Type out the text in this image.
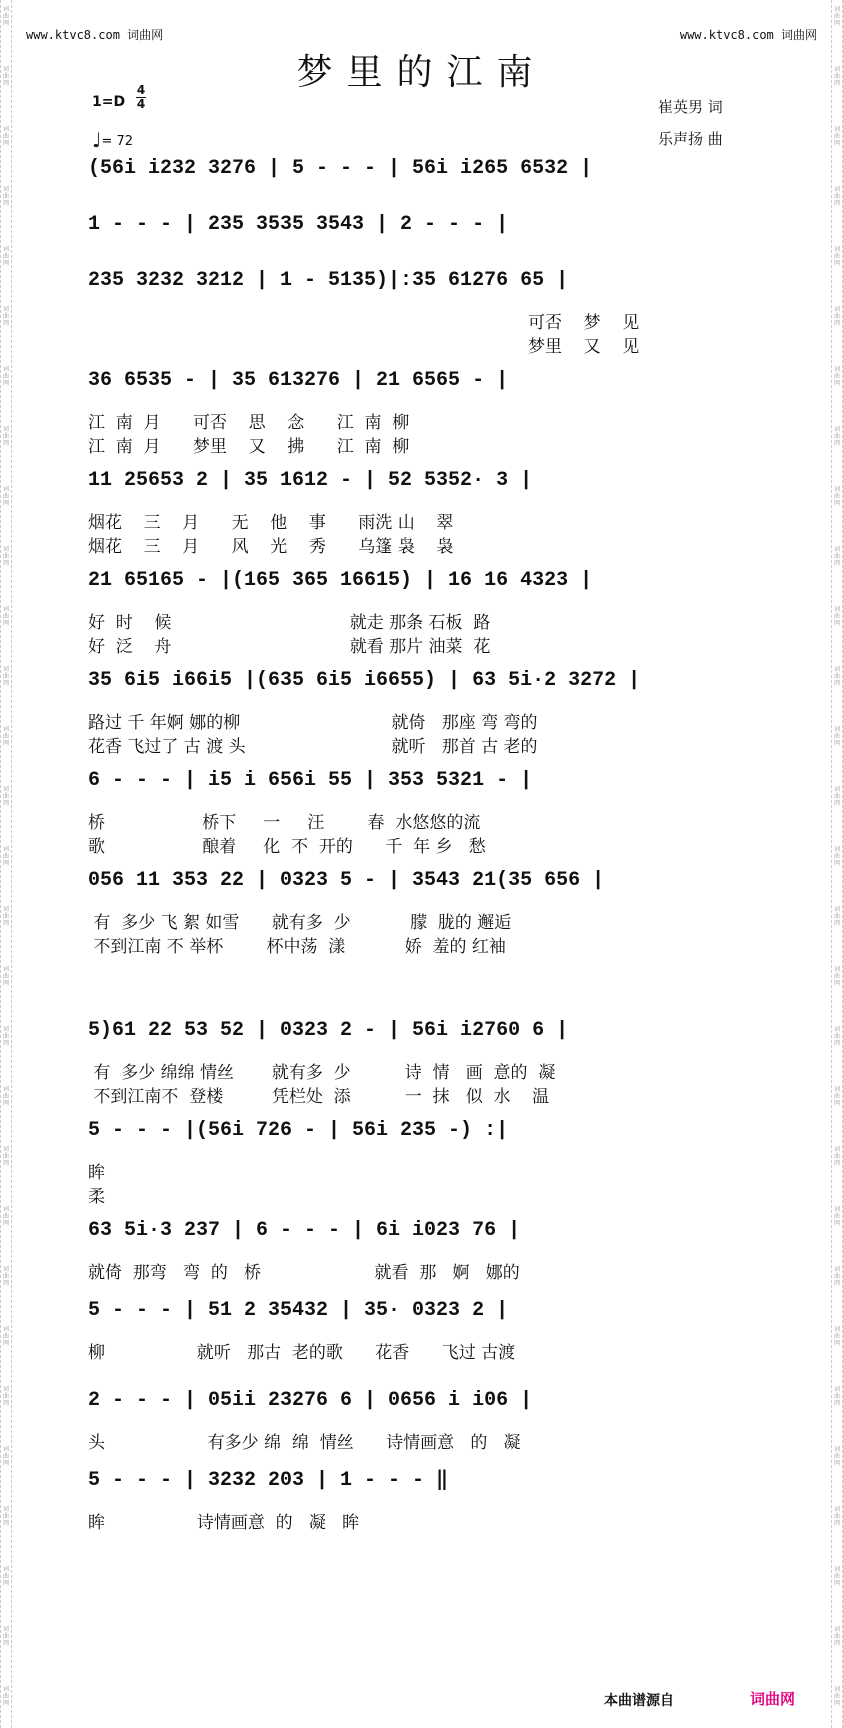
词
曲
网
词
曲
网
词
曲
网
词
曲
网
词
曲
网
词
曲
网
词
曲
网
词
曲
网
词
曲
网
词
曲
网
词
曲
网
词
曲
网
词
曲
网
词
曲
网
词
曲
网
词
曲
网
词
曲
网
词
曲
网
词
曲
网
词
曲
网
词
曲
网
词
曲
网
词
曲
网
词
曲
网
词
曲
网
词
曲
网
词
曲
网
词
曲
网
词
曲
网
词
曲
网
词
曲
网
词
曲
网
词
曲
网
词
曲
网
词
曲
网
词
曲
网
词
曲
网
词
曲
网
词
曲
网
词
曲
网
词
曲
网
词
曲
网
词
曲
网
词
曲
网
词
曲
网
词
曲
网
词
曲
网
词
曲
网
词
曲
网
词
曲
网
词
曲
网
词
曲
网
词
曲
网
词
曲
网
词
曲
网
词
曲
网
词
曲
网
词
曲
网
www.ktvc8.com 词曲网	www.ktvc8.com 词曲网
梦里的江南
1=D
4
4
♩= 72
崔英男 词
乐声扬 曲
(56i i232 3276 | 5 - - - | 56i i265 6532 |
1 - - - | 235 3535 3543 | 2 - - - |
235 3232 3212 | 1 - 5135)|:35 61276 65 |
可否    梦    见
梦里    又    见
36 6535 - | 35 613276 | 21 6565 - |
江  南  月      可否    思    念      江  南  柳
江  南  月      梦里    又    拂      江  南  柳
11 25653 2 | 35 1612 - | 52 5352· 3 |
烟花    三    月      无    他    事      雨洗 山    翠
烟花    三    月      风    光    秀      乌篷 袅    袅
21 65165 - |(165 365 16615) | 16 16 4323 |
好  时    候                                 就走 那条 石板  路
好  泛    舟                                 就看 那片 油菜  花
35 6i5 i66i5 |(635 6i5 i6655) | 63 5i·2 3272 |
路过 千 年婀 娜的柳                            就倚   那座 弯 弯的
花香 飞过了 古 渡 头                           就听   那首 古 老的
6 - - - | i5 i 656i 55 | 353 5321 - |
桥                  桥下     一     汪        春  水悠悠的流
歌                  酿着     化  不  开的      千  年 乡   愁
056 11 353 22 | 0323 5 - | 3543 21(35 656 |
有  多少 飞 絮 如雪      就有多  少           朦  胧的 邂逅
不到江南 不 举杯        杯中荡  漾           娇  羞的 红袖
5)61 22 53 52 | 0323 2 - | 56i i2760 6 |
有  多少 绵绵 情丝       就有多  少          诗  情   画  意的  凝
不到江南不  登楼         凭栏处  添          一  抹   似  水    温
5 - - - |(56i 726 - | 56i 235 -) :|
眸
柔
63 5i·3 237 | 6 - - - | 6i i023 76 |
就倚  那弯   弯  的   桥                     就看  那   婀   娜的
5 - - - | 51 2 35432 | 35· 0323 2 |
柳                 就听   那古  老的歌      花香      飞过 古渡
2 - - - | 05ii 23276 6 | 0656 i i06 |
头                   有多少 绵  绵  情丝      诗情画意   的   凝
5 - - - | 3232 203 | 1 - - - ‖
眸                 诗情画意  的   凝   眸
本曲谱源自	词曲网
